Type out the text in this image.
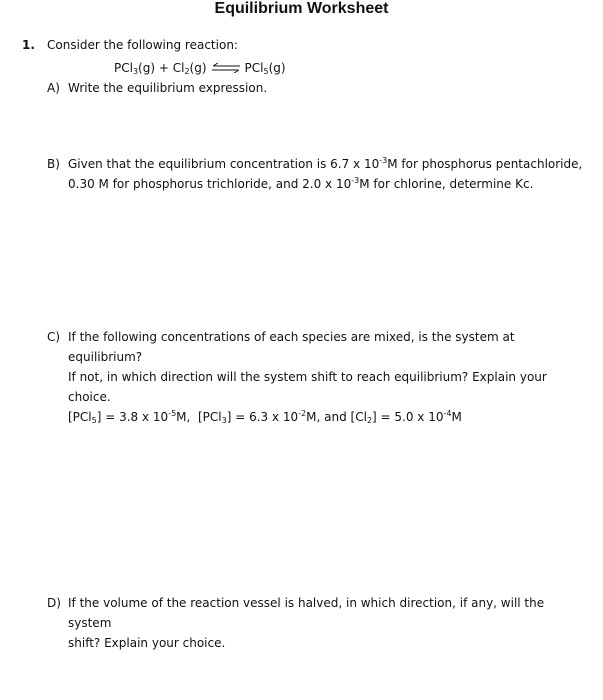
Equilibrium Worksheet
1. Consider the following reaction:
$PCl_3(g) + Cl_2(g)$ ⇌ PCl$_5$(g)
A) Write the equilibrium expression.
B) Given that the equilibrium concentration is 6.7 x $10^{-3}M$ for phosphorus pentachloride,
0.30 M for phosphorus trichloride, and 2.0 x $10^{-3}M$ for chlorine, determine Kc.
C) If the following concentrations of each species are mixed, is the system at equilibrium?
If not, in which direction will the system shift to reach equilibrium? Explain your choice.
[PCl$_5$] = 3.8 x $10^{-5}M$, [PCl$_3$] = 6.3 x $10^{-2}M$, and $[Cl_2] = 5.0$ x $10^{-4}M$
D) If the volume of the reaction vessel is halved, in which direction, if any, will the system
shift? Explain your choice.
